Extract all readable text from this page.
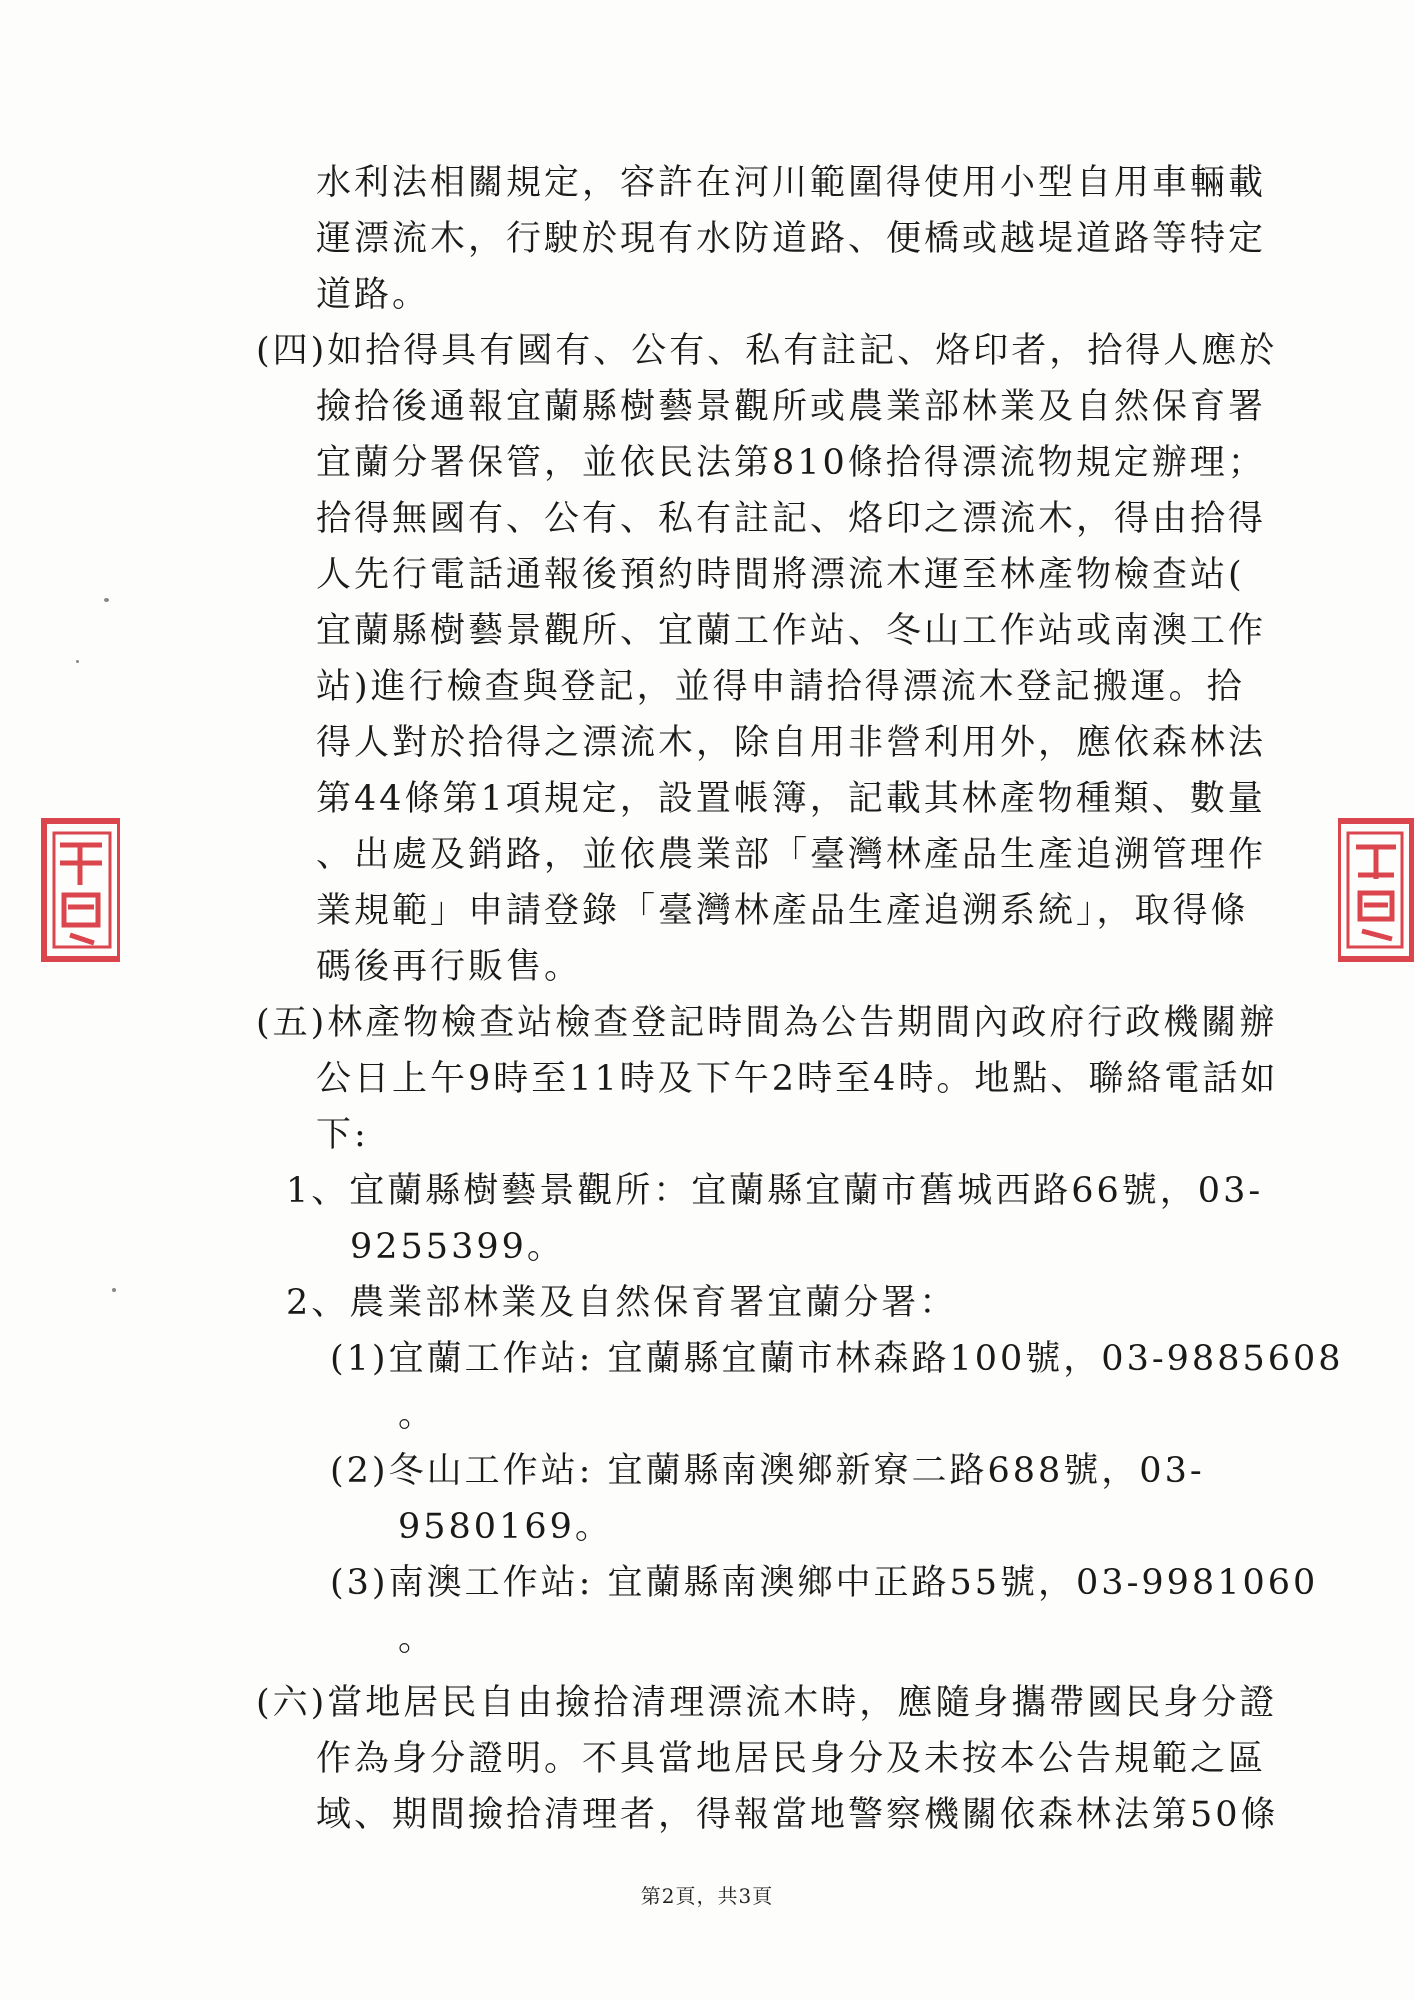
水利法相關規定，容許在河川範圍得使用小型自用車輛載
運漂流木，行駛於現有水防道路、便橋或越堤道路等特定
道路。
(四)如拾得具有國有、公有、私有註記、烙印者，拾得人應於
撿拾後通報宜蘭縣樹藝景觀所或農業部林業及自然保育署
宜蘭分署保管，並依民法第810條拾得漂流物規定辦理；
拾得無國有、公有、私有註記、烙印之漂流木，得由拾得
人先行電話通報後預約時間將漂流木運至林產物檢查站(
宜蘭縣樹藝景觀所、宜蘭工作站、冬山工作站或南澳工作
站)進行檢查與登記，並得申請拾得漂流木登記搬運。拾
得人對於拾得之漂流木，除自用非營利用外，應依森林法
第44條第1項規定，設置帳簿，記載其林產物種類、數量
、出處及銷路，並依農業部「臺灣林產品生產追溯管理作
業規範」申請登錄「臺灣林產品生產追溯系統」，取得條
碼後再行販售。
(五)林產物檢查站檢查登記時間為公告期間內政府行政機關辦
公日上午9時至11時及下午2時至4時。地點、聯絡電話如
下:
1、宜蘭縣樹藝景觀所：宜蘭縣宜蘭市舊城西路66號，03-
9255399。
2、農業部林業及自然保育署宜蘭分署：
(1)宜蘭工作站: 宜蘭縣宜蘭市林森路100號，03-9885608
。
(2)冬山工作站: 宜蘭縣南澳鄉新寮二路688號，03-
9580169。
(3)南澳工作站: 宜蘭縣南澳鄉中正路55號，03-9981060
。
(六)當地居民自由撿拾清理漂流木時，應隨身攜帶國民身分證
作為身分證明。不具當地居民身分及未按本公告規範之區
域、期間撿拾清理者，得報當地警察機關依森林法第50條
第2頁，共3頁
